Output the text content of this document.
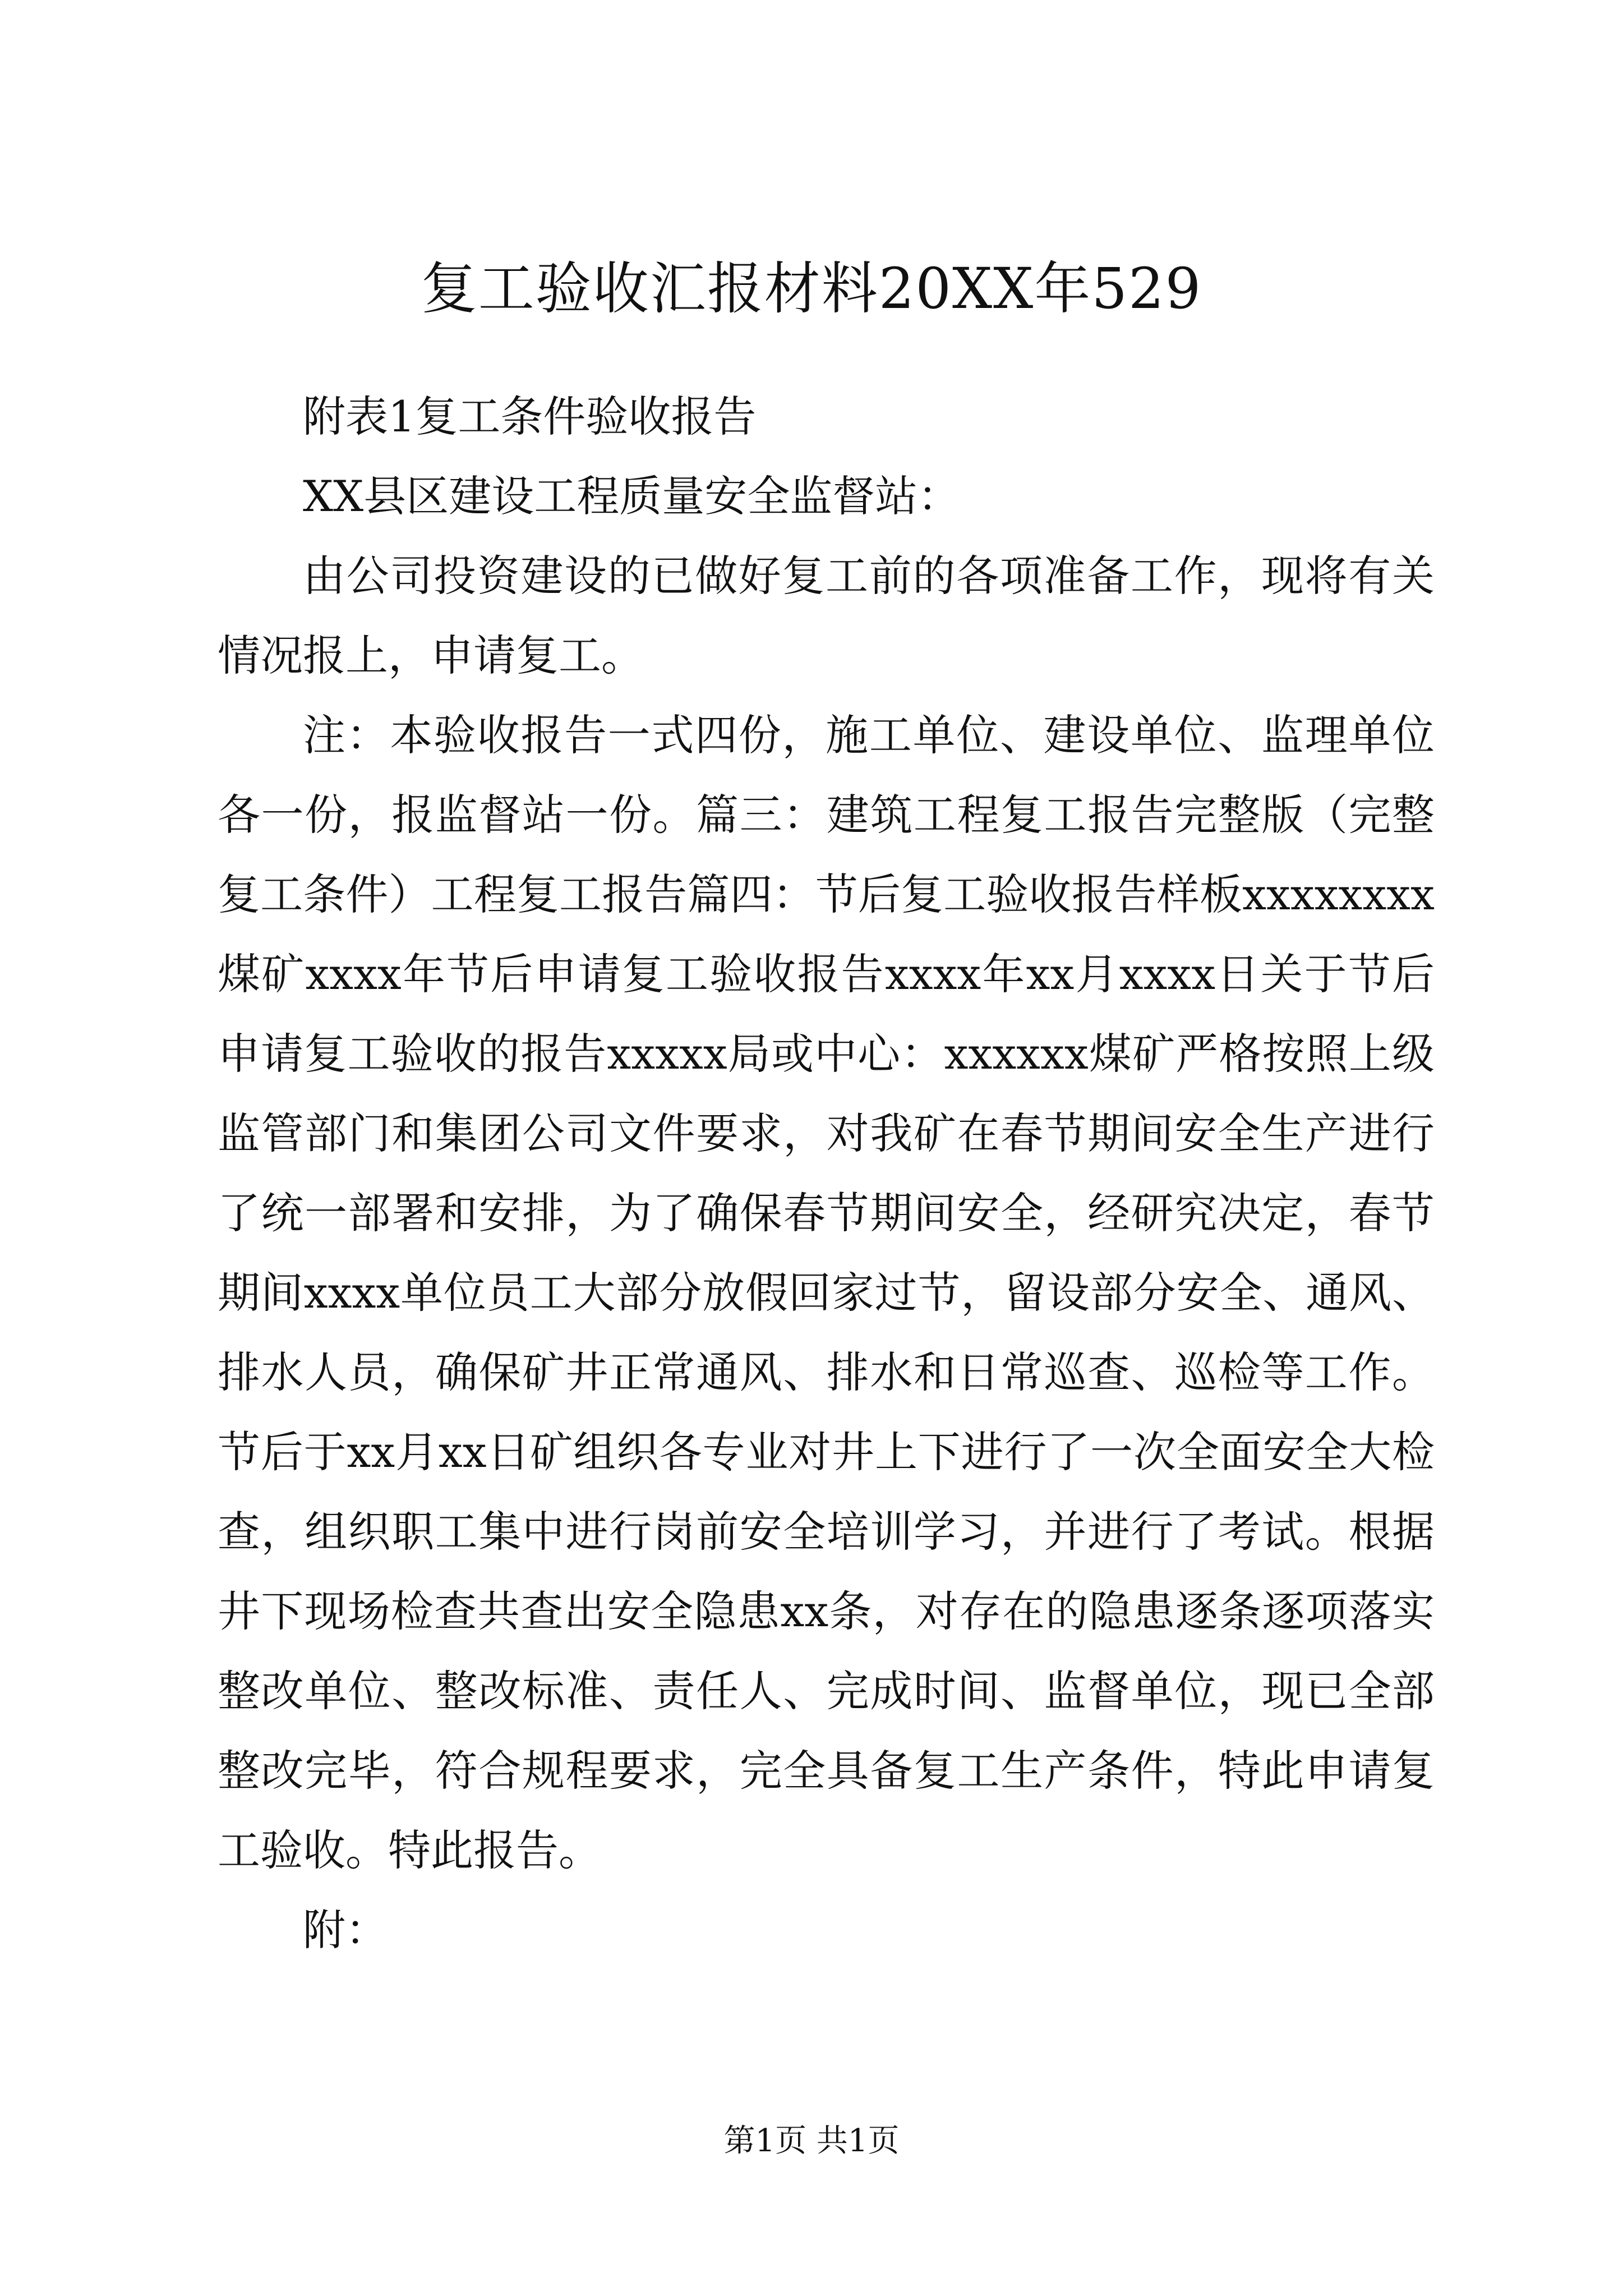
复工验收汇报材料20XX年529

附表1复工条件验收报告

XX县区建设工程质量安全监督站：

由公司投资建设的已做好复工前的各项准备工作，现将有关情况报上，申请复工。

注：本验收报告一式四份，施工单位、建设单位、监理单位各一份，报监督站一份。篇三：建筑工程复工报告完整版（完整复工条件）工程复工报告篇四：节后复工验收报告样板xxxxxxxx煤矿xxxx年节后申请复工验收报告xxxx年xx月xxxx日关于节后申请复工验收的报告xxxxx局或中心：xxxxxx煤矿严格按照上级监管部门和集团公司文件要求，对我矿在春节期间安全生产进行了统一部署和安排，为了确保春节期间安全，经研究决定，春节期间xxxx单位员工大部分放假回家过节，留设部分安全、通风、排水人员，确保矿井正常通风、排水和日常巡查、巡检等工作。节后于xx月xx日矿组织各专业对井上下进行了一次全面安全大检查，组织职工集中进行岗前安全培训学习，并进行了考试。根据井下现场检查共查出安全隐患xx条，对存在的隐患逐条逐项落实整改单位、整改标准、责任人、完成时间、监督单位，现已全部整改完毕，符合规程要求，完全具备复工生产条件，特此申请复工验收。特此报告。

附：

第1页 共1页
